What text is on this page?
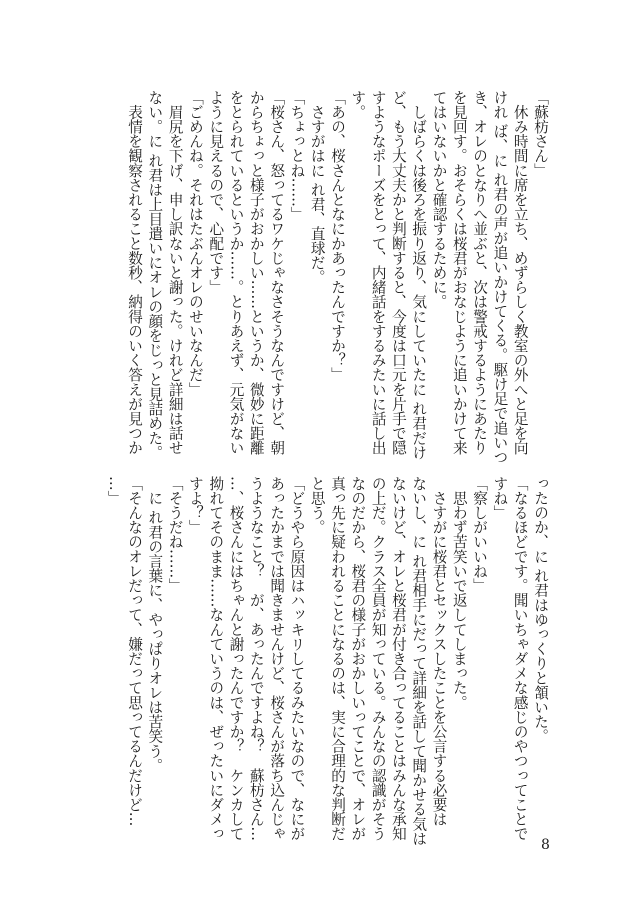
「蘇枋さん」
　休み時間に席を立ち、めずらしく教室の外へと足を向
けれ ば、に れ君の声が追いかけてくる。駆け足で追いつ
き、オレのとなりへ並ぶと、次は警戒するようにあたり
を見回す。おそらくは桜君がおなじように追いかけて来
てはいないかと確認するために。
　しばらくは後ろを振り返り、気にしていたに れ君だけ
ど、もう大丈夫かと判断すると、今度は口元を片手で隠
すようなポーズをとって、内緒話をするみたいに話し出
す。
「あの、桜さんとなにかあったんですか？」
　さすがはに れ君、直球だ。
「ちょっとね……」
「桜さん、怒ってるワケじゃなさそうなんですけど、朝
からちょっと様子がおかしい……というか、微妙に距離
をとられているというか……。とりあえず、元気がない
ように見えるので、心配です」
「ごめんね。それはたぶんオレのせいなんだ」
　眉尻を下げ、申し訳ないと謝った。けれど詳細は話せ
ない。に れ君は上目遣いにオレの顔をじっと見詰めた。
　表情を観察されること数秒、納得のいく答えが見つか
ったのか、に れ君はゆっくりと頷いた。
「なるほどです。聞いちゃダメな感じのやつってことで
すね」
「察しがいいね」
　思わず苦笑いで返してしまった。
　さすがに桜君とセックスしたことを公言する必要は
ないし、に れ君相手にだって詳細を話して聞かせる気は
ないけど、オレと桜君が付き合ってることはみんな承知
の上だ。クラス全員が知っている。みんなの認識がそう
なのだから、桜君の様子がおかしいってことで、オレが
真っ先に疑われることになるのは、実に合理的な判断だ
と思う。
「どうやら原因はハッキリしてるみたいなので、なにが
あったかまでは聞きませんけど、桜さんが落ち込んじゃ
うようなこと？　が、あったんですよね？　蘇枋さん…
…、桜さんにはちゃんと謝ったんですか？　ケンカして
拗れてそのまま……なんていうのは、ぜったいにダメっ
すよ？」
「そうだね……」
　に れ君の言葉に、やっぱりオレは苦笑う。
「そんなのオレだって、嫌だって思ってるんだけど…
…」
8
